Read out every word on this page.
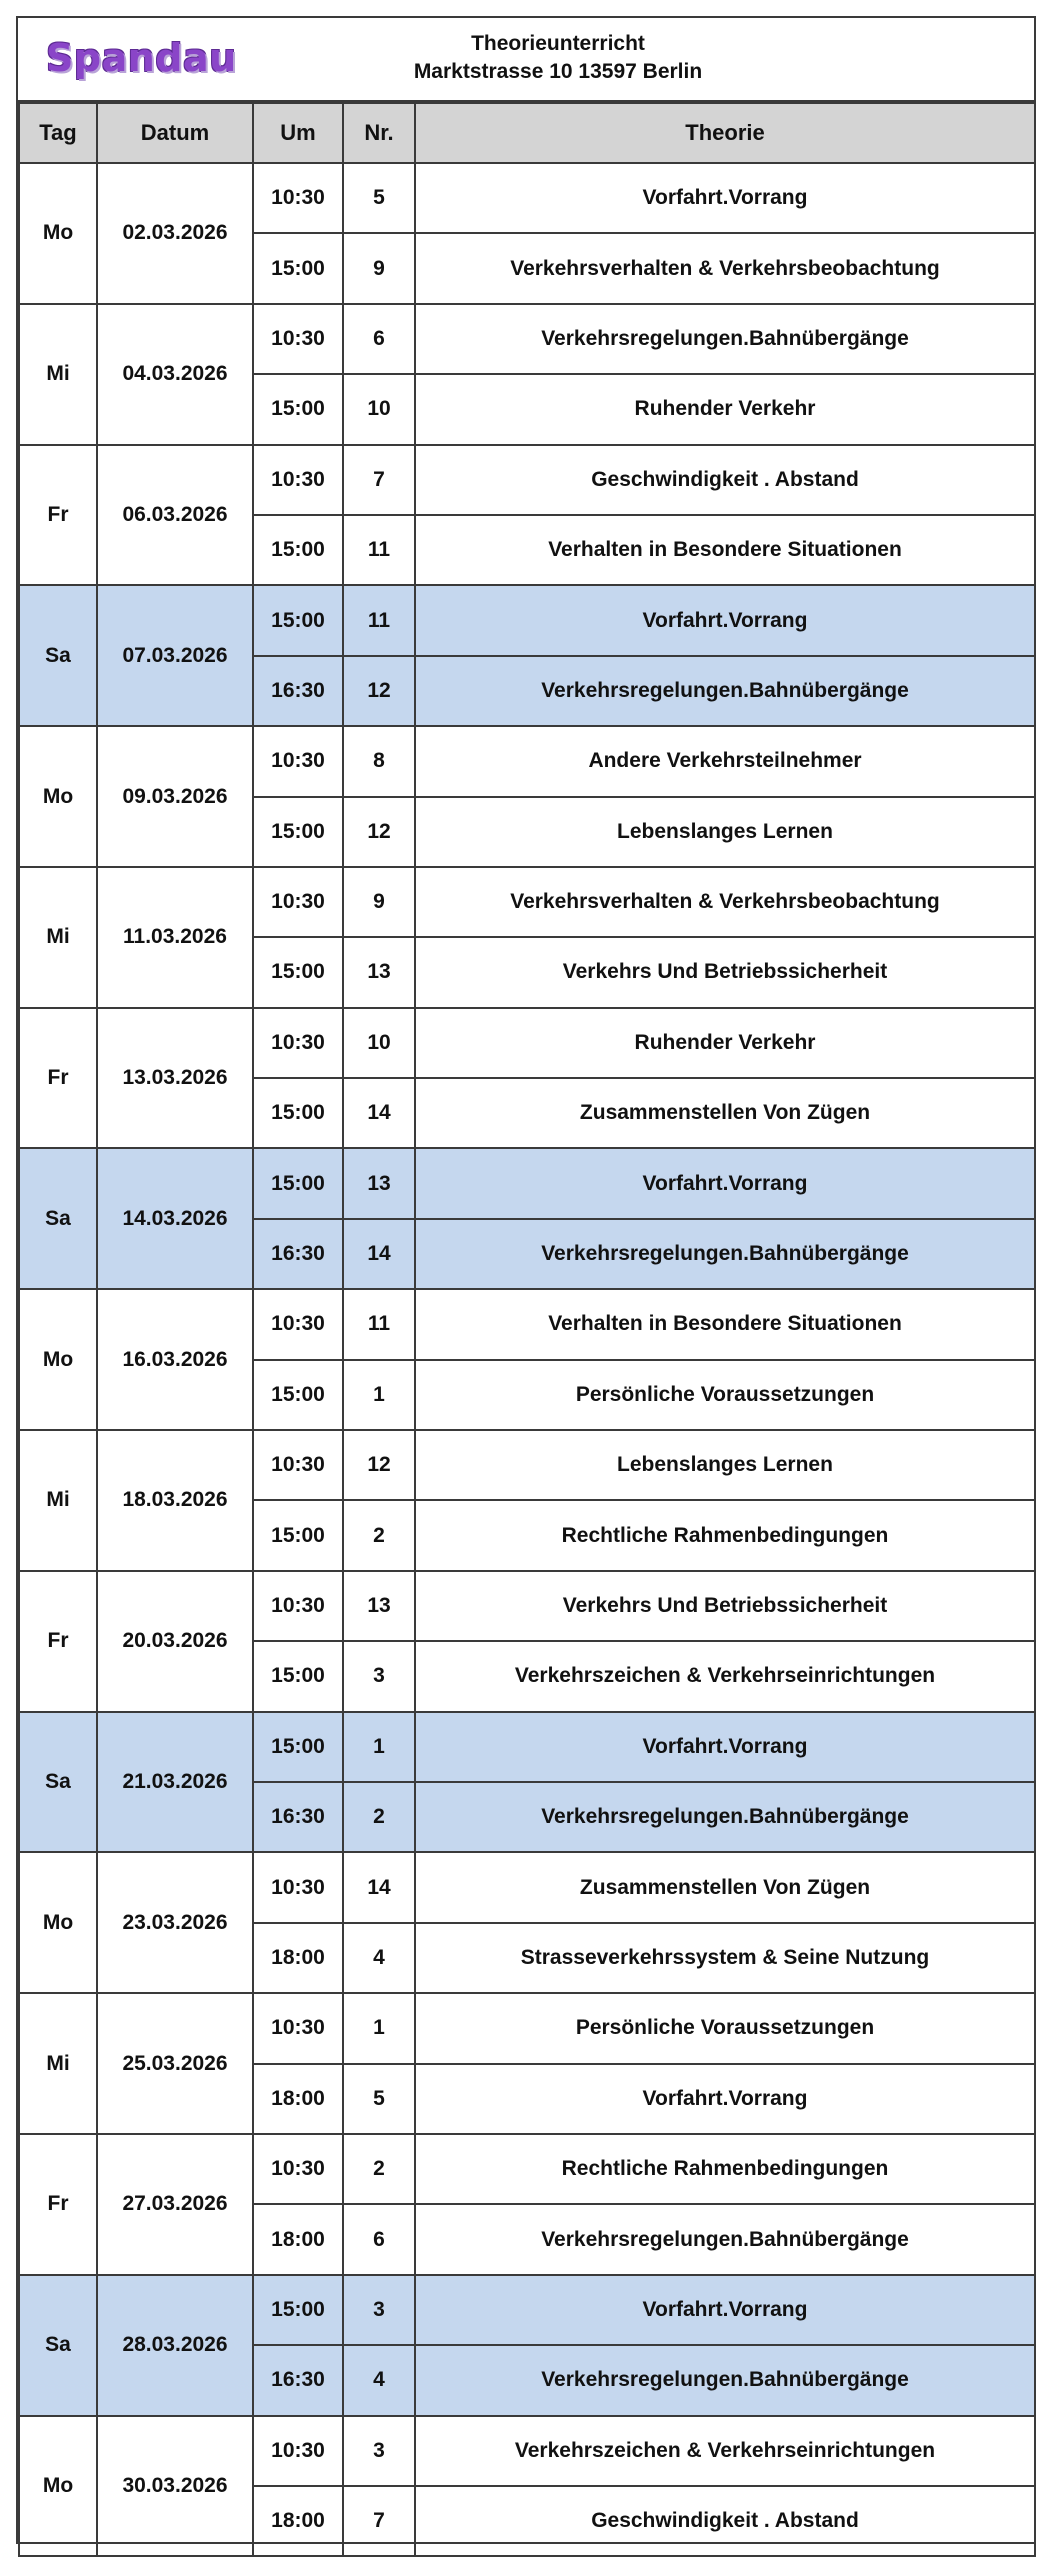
Spandau	Theorieunterricht
Marktstrasse 10 13597 Berlin
Tag	Datum	Um	Nr.	Theorie
Mo	02.03.2026	10:30	5	Vorfahrt.Vorrang
		15:00	9	Verkehrsverhalten & Verkehrsbeobachtung
Mi	04.03.2026	10:30	6	Verkehrsregelungen.Bahnübergänge
		15:00	10	Ruhender Verkehr
Fr	06.03.2026	10:30	7	Geschwindigkeit . Abstand
		15:00	11	Verhalten in Besondere Situationen
Sa	07.03.2026	15:00	11	Vorfahrt.Vorrang
		16:30	12	Verkehrsregelungen.Bahnübergänge
Mo	09.03.2026	10:30	8	Andere Verkehrsteilnehmer
		15:00	12	Lebenslanges Lernen
Mi	11.03.2026	10:30	9	Verkehrsverhalten & Verkehrsbeobachtung
		15:00	13	Verkehrs Und Betriebssicherheit
Fr	13.03.2026	10:30	10	Ruhender Verkehr
		15:00	14	Zusammenstellen Von Zügen
Sa	14.03.2026	15:00	13	Vorfahrt.Vorrang
		16:30	14	Verkehrsregelungen.Bahnübergänge
Mo	16.03.2026	10:30	11	Verhalten in Besondere Situationen
		15:00	1	Persönliche Voraussetzungen
Mi	18.03.2026	10:30	12	Lebenslanges Lernen
		15:00	2	Rechtliche Rahmenbedingungen
Fr	20.03.2026	10:30	13	Verkehrs Und Betriebssicherheit
		15:00	3	Verkehrszeichen & Verkehrseinrichtungen
Sa	21.03.2026	15:00	1	Vorfahrt.Vorrang
		16:30	2	Verkehrsregelungen.Bahnübergänge
Mo	23.03.2026	10:30	14	Zusammenstellen Von Zügen
		18:00	4	Strasseverkehrssystem & Seine Nutzung
Mi	25.03.2026	10:30	1	Persönliche Voraussetzungen
		18:00	5	Vorfahrt.Vorrang
Fr	27.03.2026	10:30	2	Rechtliche Rahmenbedingungen
		18:00	6	Verkehrsregelungen.Bahnübergänge
Sa	28.03.2026	15:00	3	Vorfahrt.Vorrang
		16:30	4	Verkehrsregelungen.Bahnübergänge
Mo	30.03.2026	10:30	3	Verkehrszeichen & Verkehrseinrichtungen
		18:00	7	Geschwindigkeit . Abstand
